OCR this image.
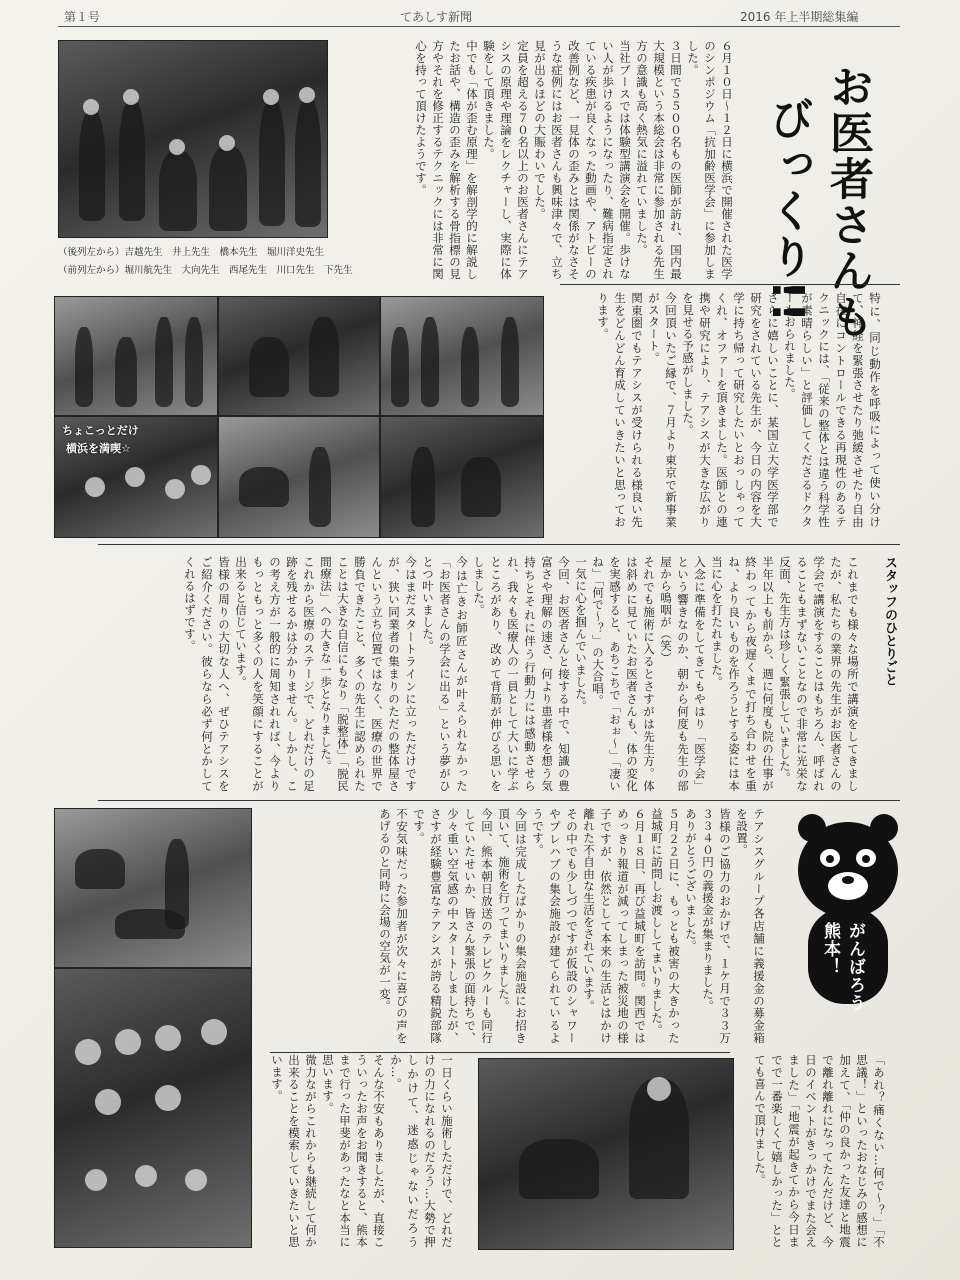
第１号	てあしす新聞	2016 年上半期総集編
お医者さんも
びっくり!!

６月１０日〜１２日に横浜で開催された医学のシンポジウム「抗加齢医学会」に参加しました。
３日間で５５００名もの医師が訪れ、国内最大規模という本総会は非常に参加される先生方の意識も高く熱気に溢れていました。
当社ブースでは体験型講演会を開催。歩けない人が歩けるようになったり、難病指定されている疾患が良くなった動画や、アトピーの改善例など、一見体の歪みとは関係がなさそうな症例にはお医者さんも興味津々で、立ち見が出るほどの大賑わいでした。
定員を超える７０名以上のお医者さんにテアシスの原理や理論をレクチャーし、実際に体験をして頂きました。
中でも「体が歪む原理」を解剖学的に解説したお話や、構造の歪みを解析する骨指標の見方やそれを修正するテクニックには非常に関心を持って頂けたようです。

（後列左から）吉越先生　井上先生　橋本先生　堀川洋史先生
（前列左から）堀川航先生　大向先生　西尾先生　川口先生　下先生

特に、同じ動作を呼吸によって使い分けて、神経を緊張させたり弛緩させたり自由自在にコントロールできる再現性のあるテクニックには、「従来の整体とは違う科学性が素晴らしい」と評価してくださるドクターもおられました。
さらに嬉しいことに、某国立大学医学部で研究をされている先生が、今日の内容を大学に持ち帰って研究したいとおっしゃってくれ、オファーを頂きました。医師との連携や研究により、テアシスが大きな広がりを見せる予感がしました。
今回頂いたご縁で、７月より東京で新事業がスタート。
関東圏でもテアシスが受けられる様良い先生をどんどん育成していきたいと思っております。

ちょこっとだけ
横浜を満喫☆
スタッフのひとりごと

これまでも様々な場所で講演をしてきましたが、私たちの業界の先生がお医者さんの学会で講演をすることはもちろん、呼ばれることもまずないことなので非常に光栄な反面、先生方は珍しく緊張していました。
半年以上も前から、週に何度も院の仕事が終わってから夜遅くまで打ち合わせを重ね、より良いものを作ろうとする姿には本当に心を打たれました。
入念に準備をしてきてもやはり「医学会」という響きなのか、朝から何度も先生の部屋から鳴咽が（笑）
それでも施術に入るとさすがは先生方。体は斜めに見ていたお医者さんも、体の変化を実感すると、あちこちで「おぉ〜」「凄いね」「何で〜？」の大合唱。
一気に心を掴んでいました。
今回、お医者さんと接する中で、知識の豊富さや理解の速さ、何より患者様を想う気持ちとそれに伴う行動力には感動させられ、我々も医療人の一員として大いに学ぶところがあり、改めて背筋が伸びる思いをしました。
今は亡きお師匠さんが叶えられなかった「お医者さんの学会に出る」という夢がひとつ叶いました。
今はまだスタートラインに立っただけですが、狭い同業者の集まりのただの整体屋さんという立ち位置ではなく、医療の世界で勝負できたこと、多くの先生に認められたことは大きな自信にもなり「脱整体」「脱民間療法」への大きな一歩となりました。
これから医療のステージで、どれだけの足跡を残せるかは分かりません。しかし、この考え方が一般的に周知されれば、今よりもっともっと多くの人を笑顔にすることが出来ると信じています。
皆様の周りの大切な人へ、ぜひテアシスをご紹介ください。彼らなら必ず何とかしてくれるはずです。

がんばろう熊本！

テアシスグループ各店舗に義援金の募金箱を設置。
皆様のご協力のおかげで、１ケ月で３３万３３４０円の義援金が集まりました。
ありがとうございました。
５月２２日に、もっとも被害の大きかった益城町に訪問しお渡ししてまいりました。
６月１８日、再び益城町を訪問。関西ではめっきり報道が減ってしまった被災地の様子ですが、依然として本来の生活とはかけ離れた不自由な生活をされています。
その中でも少しづつですが仮設のシャワーやプレハブの集会施設が建てられているようです。
今回は完成したばかりの集会施設にお招き頂いて、施術を行ってまいりました。
今回、熊本朝日放送のテレビクルーも同行していたせいか、皆さん緊張の面持ちで、少々重い空気感の中スタートしましたが、さすが経験豊富なテアシスが誇る精鋭部隊です。
不安気味だった参加者が次々に喜びの声をあげるのと同時に会場の空気が一変。

「あれ？痛くない…何で〜？」「不思議！」といったおなじみの感想に加えて、「仲の良かった友達と地震で離れ離れになってたんだけど、今日のイベントがきっかけでまた会えました」「地震が起きてから今日までで一番楽しくて嬉しかった」ととても喜んで頂けました。

一日くらい施術しただけで、どれだけの力になれるのだろう…大勢で押しかけて、迷惑じゃないだろうか…。
そんな不安もありましたが、直接こういったお声をお聞きすると、熊本まで行った甲斐があったなと本当に思います。
微力ながらこれからも継続して何か出来ることを模索していきたいと思います。
